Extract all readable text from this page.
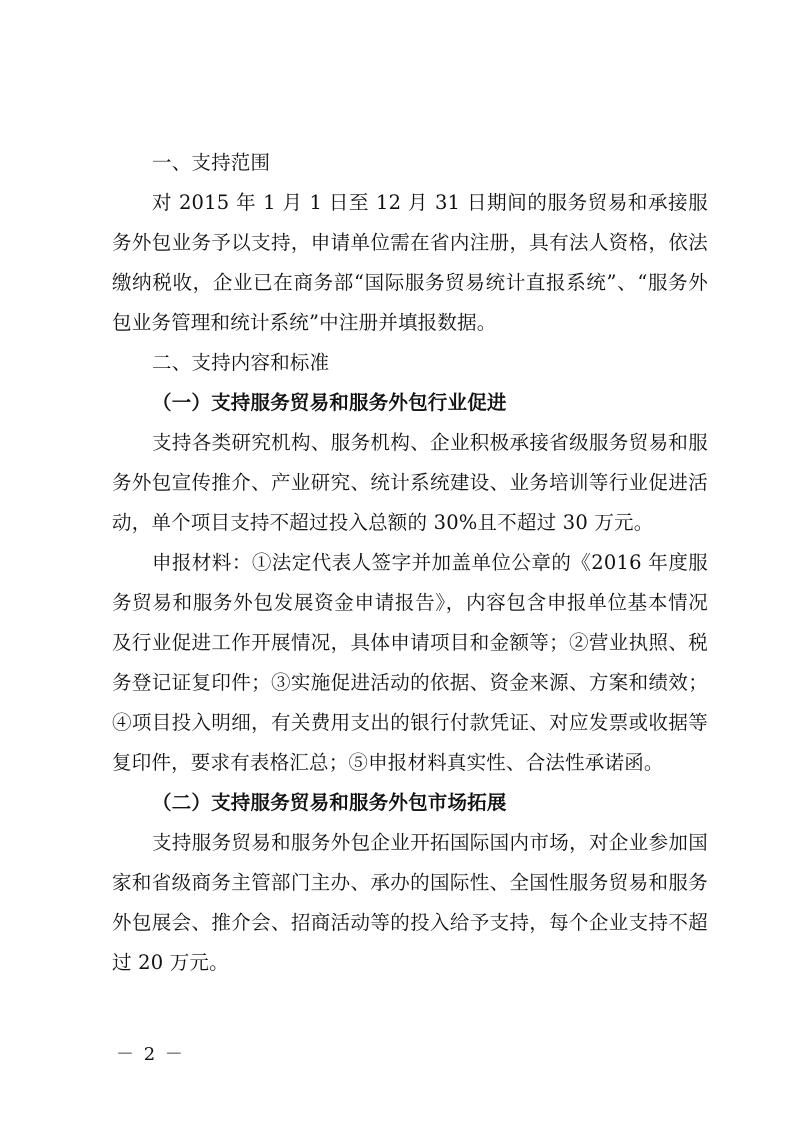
一、支持范围

对 2015 年 1 月 1 日至 12 月 31 日期间的服务贸易和承接服务外包业务予以支持，申请单位需在省内注册，具有法人资格，依法缴纳税收，企业已在商务部“国际服务贸易统计直报系统”、“服务外包业务管理和统计系统”中注册并填报数据。

二、支持内容和标准
（一）支持服务贸易和服务外包行业促进

支持各类研究机构、服务机构、企业积极承接省级服务贸易和服务外包宣传推介、产业研究、统计系统建设、业务培训等行业促进活动，单个项目支持不超过投入总额的 30%且不超过 30 万元。

申报材料：①法定代表人签字并加盖单位公章的《2016 年度服务贸易和服务外包发展资金申请报告》，内容包含申报单位基本情况及行业促进工作开展情况，具体申请项目和金额等；②营业执照、税务登记证复印件；③实施促进活动的依据、资金来源、方案和绩效；④项目投入明细，有关费用支出的银行付款凭证、对应发票或收据等复印件，要求有表格汇总；⑤申报材料真实性、合法性承诺函。

（二）支持服务贸易和服务外包市场拓展

支持服务贸易和服务外包企业开拓国际国内市场，对企业参加国家和省级商务主管部门主办、承办的国际性、全国性服务贸易和服务外包展会、推介会、招商活动等的投入给予支持，每个企业支持不超过 20 万元。

－ 2 －
